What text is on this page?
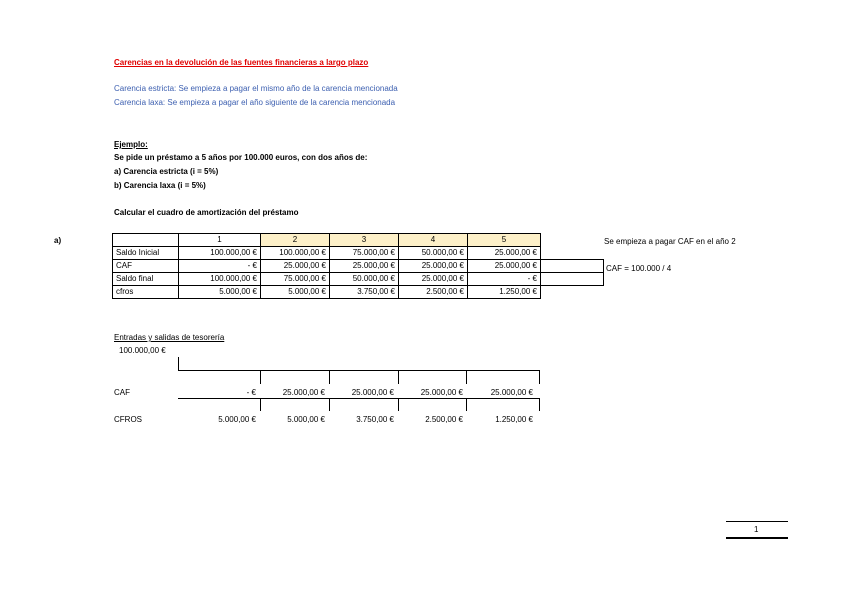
Carencias en la devolución de las fuentes financieras a largo plazo
Carencia estricta: Se empieza a pagar el mismo año de la carencia mencionada
Carencia laxa: Se empieza a pagar el año siguiente de la carencia mencionada
Ejemplo:
Se pide un préstamo a 5 años por 100.000 euros, con dos años de:
a) Carencia estricta (i = 5%)
b) Carencia laxa (i = 5%)
Calcular el cuadro de amortización del préstamo
a)
		1	2	3	4	5	
Saldo Inicial	100.000,00 €	100.000,00 €	75.000,00 €	50.000,00 €	25.000,00 €	
CAF	- €	25.000,00 €	25.000,00 €	25.000,00 €	25.000,00 €	
Saldo final	100.000,00 €	75.000,00 €	50.000,00 €	25.000,00 €	- €	
cfros	5.000,00 €	5.000,00 €	3.750,00 €	2.500,00 €	1.250,00 €	
Se empieza a pagar CAF en el año 2
CAF = 100.000 / 4
Entradas y salidas de tesorería
100.000,00 €
CAF	- €	25.000,00 €	25.000,00 €	25.000,00 €	25.000,00 €
CFROS	5.000,00 €	5.000,00 €	3.750,00 €	2.500,00 €	1.250,00 €
1
